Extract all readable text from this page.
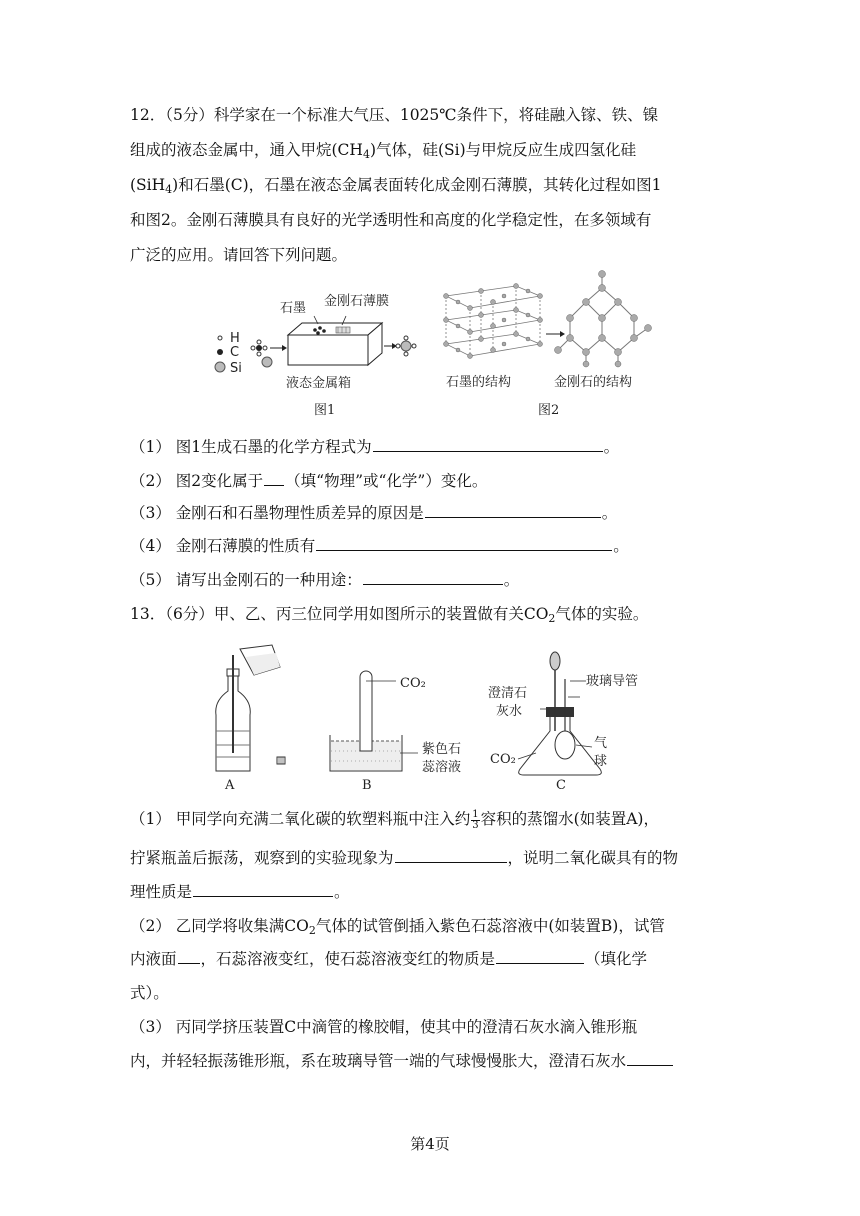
12．（5分）科学家在一个标准大气压、1025℃条件下，将硅融入镓、铁、镍
组成的液态金属中，通入甲烷$(CH_4)$气体，硅(Si)与甲烷反应生成四氢化硅
(SiH$_4$)和石墨(C)，石墨在液态金属表面转化成金刚石薄膜，其转化过程如图1
和图2。金刚石薄膜具有良好的光学透明性和高度的化学稳定性，在多领域有
广泛的应用。请回答下列问题。
H
C
Si
石墨 金刚石薄膜
液态金属箱
图1
石墨的结构	金刚石的结构
图2
（1） 图1生成石墨的化学方程式为	。
（2） 图2变化属于 （填“物理”或“化学”）变化。
（3） 金刚石和石墨物理性质差异的原因是	。
（4） 金刚石薄膜的性质有	。
（5） 请写出金刚石的一种用途：	。
13．（6分）甲、乙、丙三位同学用如图所示的装置做有关$CO_2$气体的实验。
A
CO₂
紫色石
蕊溶液
B
澄清石
灰水
玻璃导管
CO₂
气
球
C
（1） 甲同学向充满二氧化碳的软塑料瓶中注入约 $\frac{1}{3}$ 容积的蒸馏水(如装置A)，
拧紧瓶盖后振荡，观察到的实验现象为	，说明二氧化碳具有的物
理性质是	。
（2） 乙同学将收集满$CO_2$气体的试管倒插入紫色石蕊溶液中(如装置B)，试管
内液面 ，石蕊溶液变红，使石蕊溶液变红的物质是	（填化学
式）。
（3） 丙同学挤压装置C中滴管的橡胶帽，使其中的澄清石灰水滴入锥形瓶
内，并轻轻振荡锥形瓶，系在玻璃导管一端的气球慢慢胀大，澄清石灰水
第4页
